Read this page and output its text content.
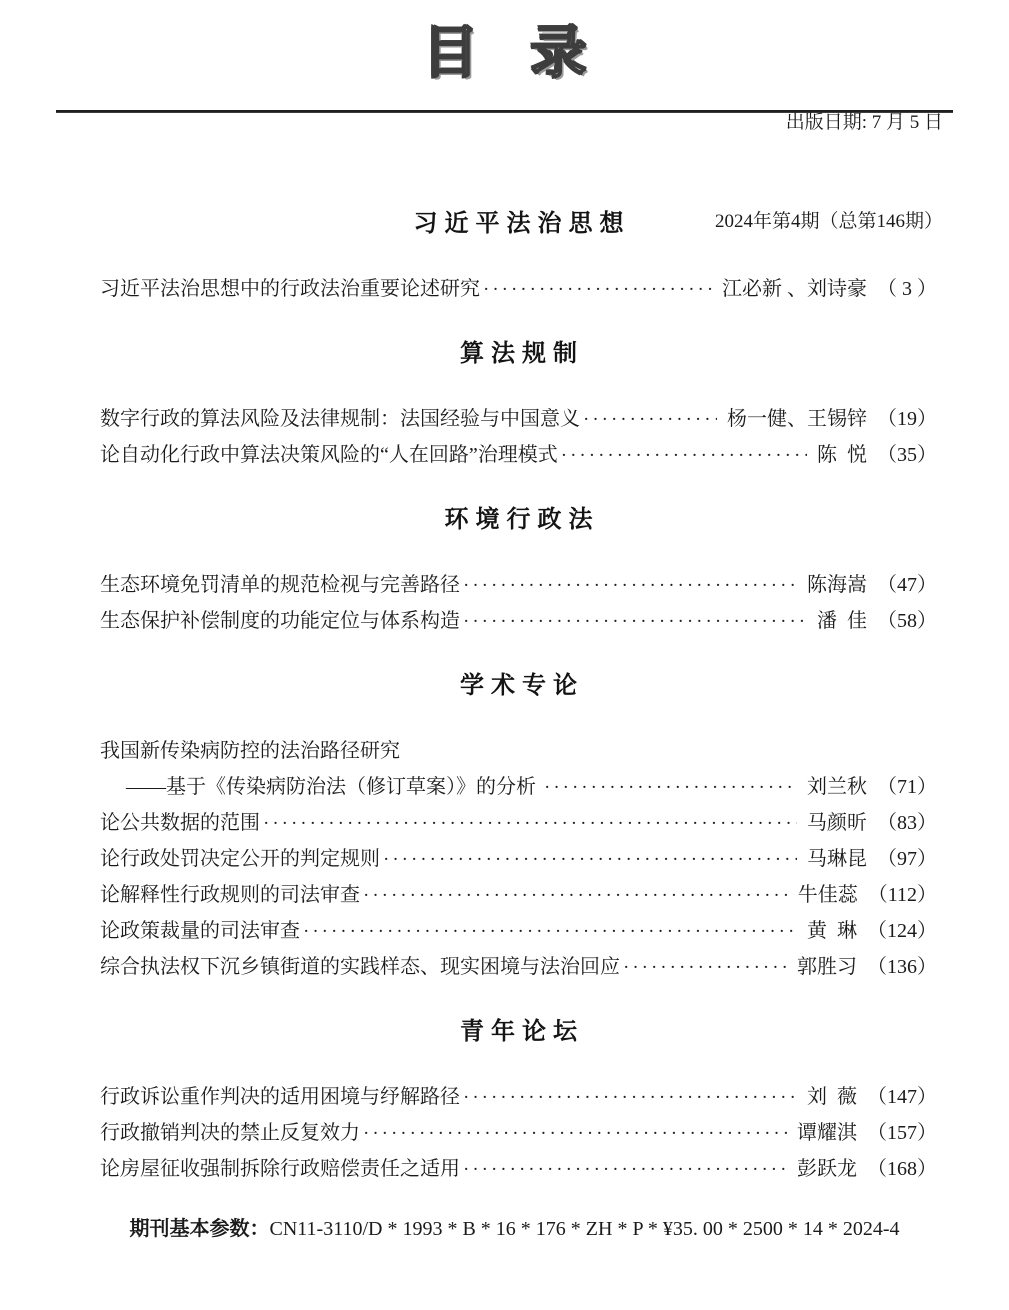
目录

出版日期: 7 月 5 日

2024年第4期（总第146期）

习近平法治思想
习近平法治思想中的行政法治重要论述研究 ·····	江必新 、刘诗豪 （ 3 ）
算法规制
数字行政的算法风险及法律规制：法国经验与中国意义 ·····	杨一健、王锡锌 （19）
论自动化行政中算法决策风险的“人在回路”治理模式 ·····	陈  悦 （35）
环境行政法
生态环境免罚清单的规范检视与完善路径 ·····	陈海嵩 （47）
生态保护补偿制度的功能定位与体系构造 ·····	潘  佳 （58）
学术专论
我国新传染病防控的法治路径研究
——基于《传染病防治法（修订草案）》的分析 ·····	刘兰秋 （71）
论公共数据的范围 ·····	马颜昕 （83）
论行政处罚决定公开的判定规则 ·····	马琳昆 （97）
论解释性行政规则的司法审查 ·····	牛佳蕊 （112）
论政策裁量的司法审查 ·····	黄  琳 （124）
综合执法权下沉乡镇街道的实践样态、现实困境与法治回应 ·····	郭胜习 （136）
青年论坛
行政诉讼重作判决的适用困境与纾解路径 ·····	刘  薇 （147）
行政撤销判决的禁止反复效力 ·····	谭耀淇 （157）
论房屋征收强制拆除行政赔偿责任之适用 ·····	彭跃龙 （168）

期刊基本参数：CN11-3110/D * 1993 * B * 16 * 176 * ZH * P * ¥35. 00 * 2500 * 14 * 2024-4
